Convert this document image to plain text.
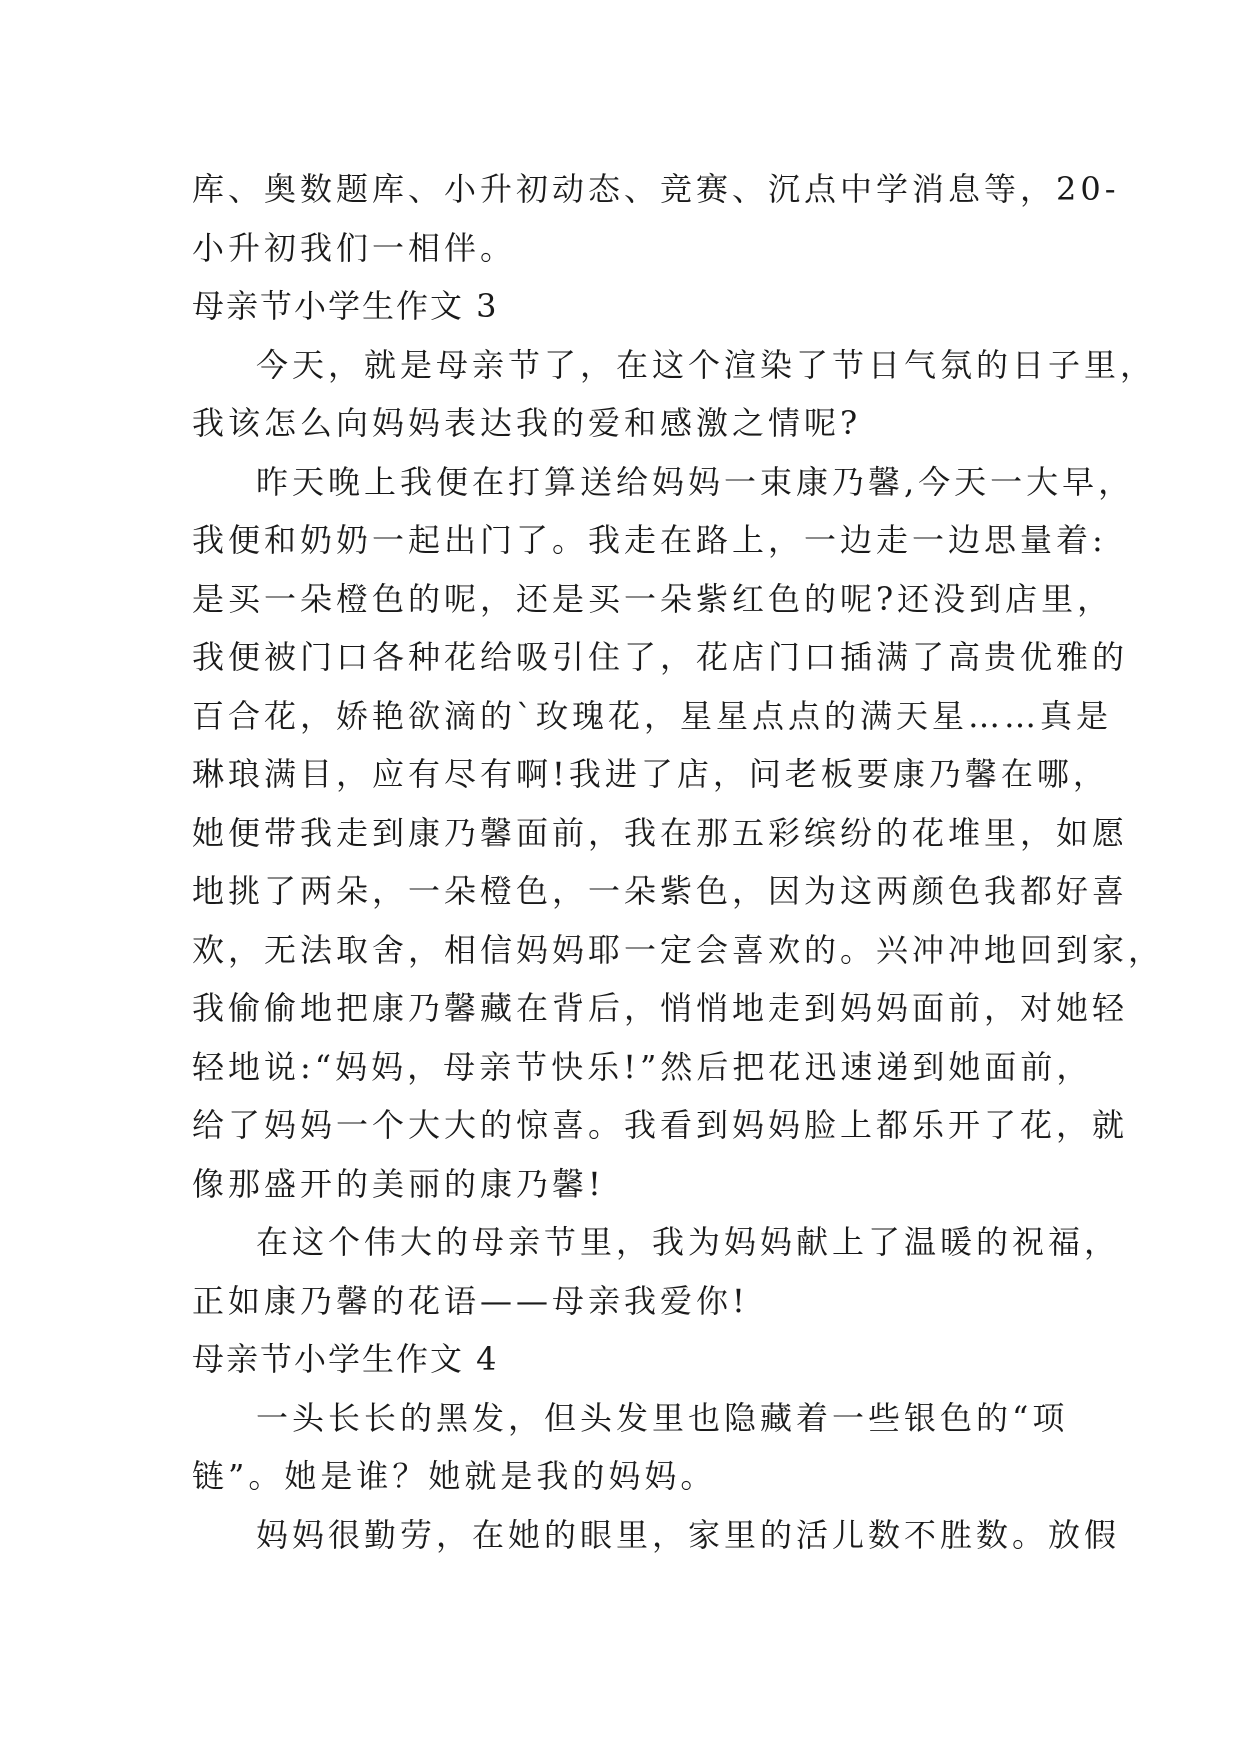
库、奥数题库、小升初动态、竞赛、沉点中学消息等，20-
小升初我们一相伴。
母亲节小学生作文 3
今天，就是母亲节了，在这个渲染了节日气氛的日子里，
我该怎么向妈妈表达我的爱和感激之情呢?
昨天晚上我便在打算送给妈妈一束康乃馨,今天一大早，
我便和奶奶一起出门了。我走在路上，一边走一边思量着:
是买一朵橙色的呢，还是买一朵紫红色的呢?还没到店里，
我便被门口各种花给吸引住了，花店门口插满了高贵优雅的
百合花，娇艳欲滴的`玫瑰花，星星点点的满天星……真是
琳琅满目，应有尽有啊!我进了店，问老板要康乃馨在哪，
她便带我走到康乃馨面前，我在那五彩缤纷的花堆里，如愿
地挑了两朵，一朵橙色，一朵紫色，因为这两颜色我都好喜
欢，无法取舍，相信妈妈耶一定会喜欢的。兴冲冲地回到家，
我偷偷地把康乃馨藏在背后，悄悄地走到妈妈面前，对她轻
轻地说:“妈妈，母亲节快乐!”然后把花迅速递到她面前，
给了妈妈一个大大的惊喜。我看到妈妈脸上都乐开了花，就
像那盛开的美丽的康乃馨!
在这个伟大的母亲节里，我为妈妈献上了温暖的祝福，
正如康乃馨的花语——母亲我爱你!
母亲节小学生作文 4
一头长长的黑发，但头发里也隐藏着一些银色的“项
链”。她是谁？她就是我的妈妈。
妈妈很勤劳，在她的眼里，家里的活儿数不胜数。放假
